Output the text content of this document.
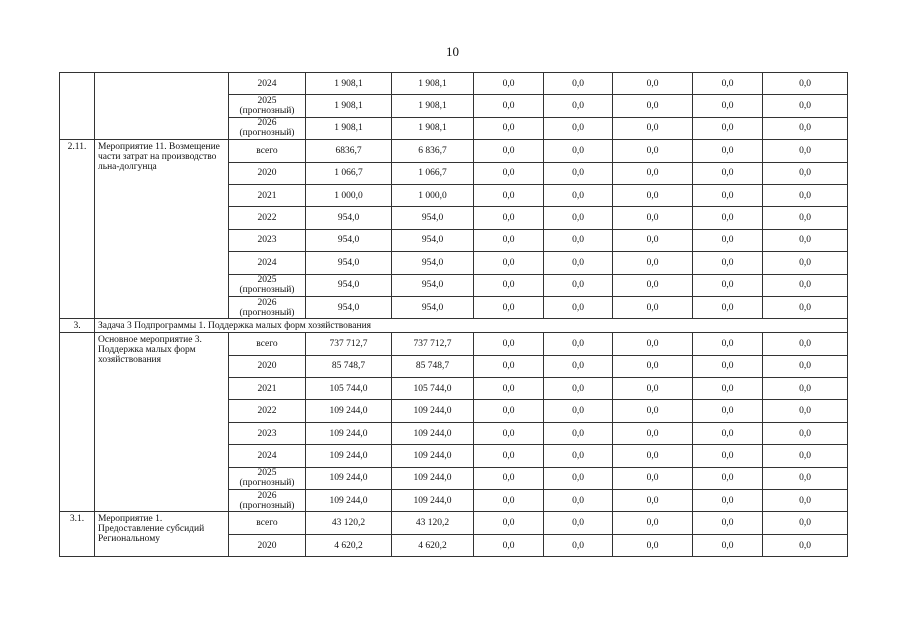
10
		2024	1 908,1	1 908,1	0,0	0,0	0,0	0,0	0,0
		2025 (прогнозный)	1 908,1	1 908,1	0,0	0,0	0,0	0,0	0,0
		2026 (прогнозный)	1 908,1	1 908,1	0,0	0,0	0,0	0,0	0,0
2.11.	Мероприятие 11. Возмещение части затрат на производство льна-долгунца	всего	6836,7	6 836,7	0,0	0,0	0,0	0,0	0,0
		2020	1 066,7	1 066,7	0,0	0,0	0,0	0,0	0,0
		2021	1 000,0	1 000,0	0,0	0,0	0,0	0,0	0,0
		2022	954,0	954,0	0,0	0,0	0,0	0,0	0,0
		2023	954,0	954,0	0,0	0,0	0,0	0,0	0,0
		2024	954,0	954,0	0,0	0,0	0,0	0,0	0,0
		2025 (прогнозный)	954,0	954,0	0,0	0,0	0,0	0,0	0,0
		2026 (прогнозный)	954,0	954,0	0,0	0,0	0,0	0,0	0,0
3.	Задача 3 Подпрограммы 1. Поддержка малых форм хозяйствования								
	Основное мероприятие 3. Поддержка малых форм хозяйствования	всего	737 712,7	737 712,7	0,0	0,0	0,0	0,0	0,0
		2020	85 748,7	85 748,7	0,0	0,0	0,0	0,0	0,0
		2021	105 744,0	105 744,0	0,0	0,0	0,0	0,0	0,0
		2022	109 244,0	109 244,0	0,0	0,0	0,0	0,0	0,0
		2023	109 244,0	109 244,0	0,0	0,0	0,0	0,0	0,0
		2024	109 244,0	109 244,0	0,0	0,0	0,0	0,0	0,0
		2025 (прогнозный)	109 244,0	109 244,0	0,0	0,0	0,0	0,0	0,0
		2026 (прогнозный)	109 244,0	109 244,0	0,0	0,0	0,0	0,0	0,0
3.1.	Мероприятие 1. Предоставление субсидий Региональному	всего	43 120,2	43 120,2	0,0	0,0	0,0	0,0	0,0
		2020	4 620,2	4 620,2	0,0	0,0	0,0	0,0	0,0
